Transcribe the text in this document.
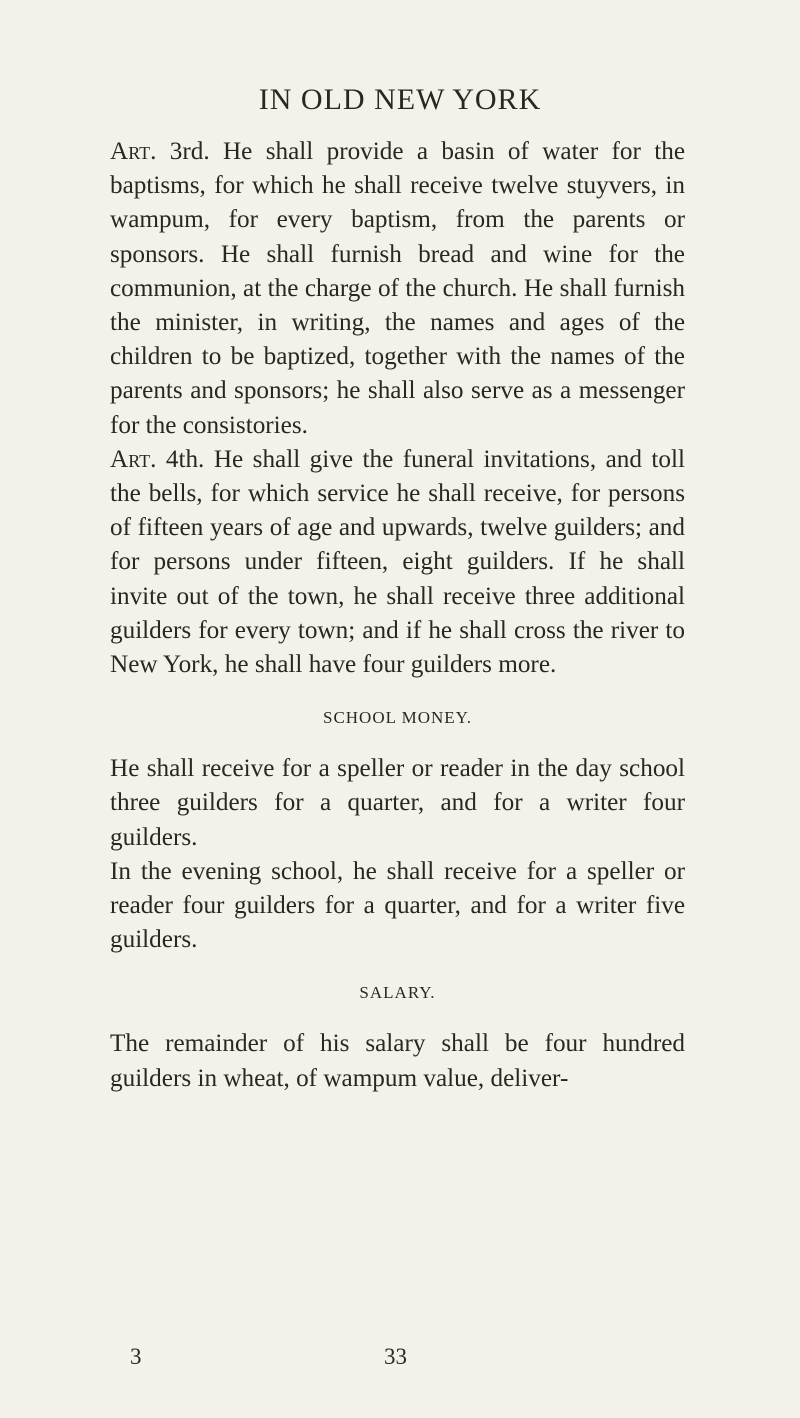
IN OLD NEW YORK

Art. 3rd. He shall provide a basin of water for the baptisms, for which he shall receive twelve stuyvers, in wampum, for every baptism, from the parents or sponsors. He shall furnish bread and wine for the communion, at the charge of the church. He shall furnish the minister, in writing, the names and ages of the children to be baptized, together with the names of the parents and sponsors; he shall also serve as a messenger for the consistories.

Art. 4th. He shall give the funeral invitations, and toll the bells, for which service he shall receive, for persons of fifteen years of age and upwards, twelve guilders; and for persons under fifteen, eight guilders. If he shall invite out of the town, he shall receive three additional guilders for every town; and if he shall cross the river to New York, he shall have four guilders more.

SCHOOL MONEY.

He shall receive for a speller or reader in the day school three guilders for a quarter, and for a writer four guilders.

In the evening school, he shall receive for a speller or reader four guilders for a quarter, and for a writer five guilders.

SALARY.

The remainder of his salary shall be four hundred guilders in wheat, of wampum value, deliver-

3	33
